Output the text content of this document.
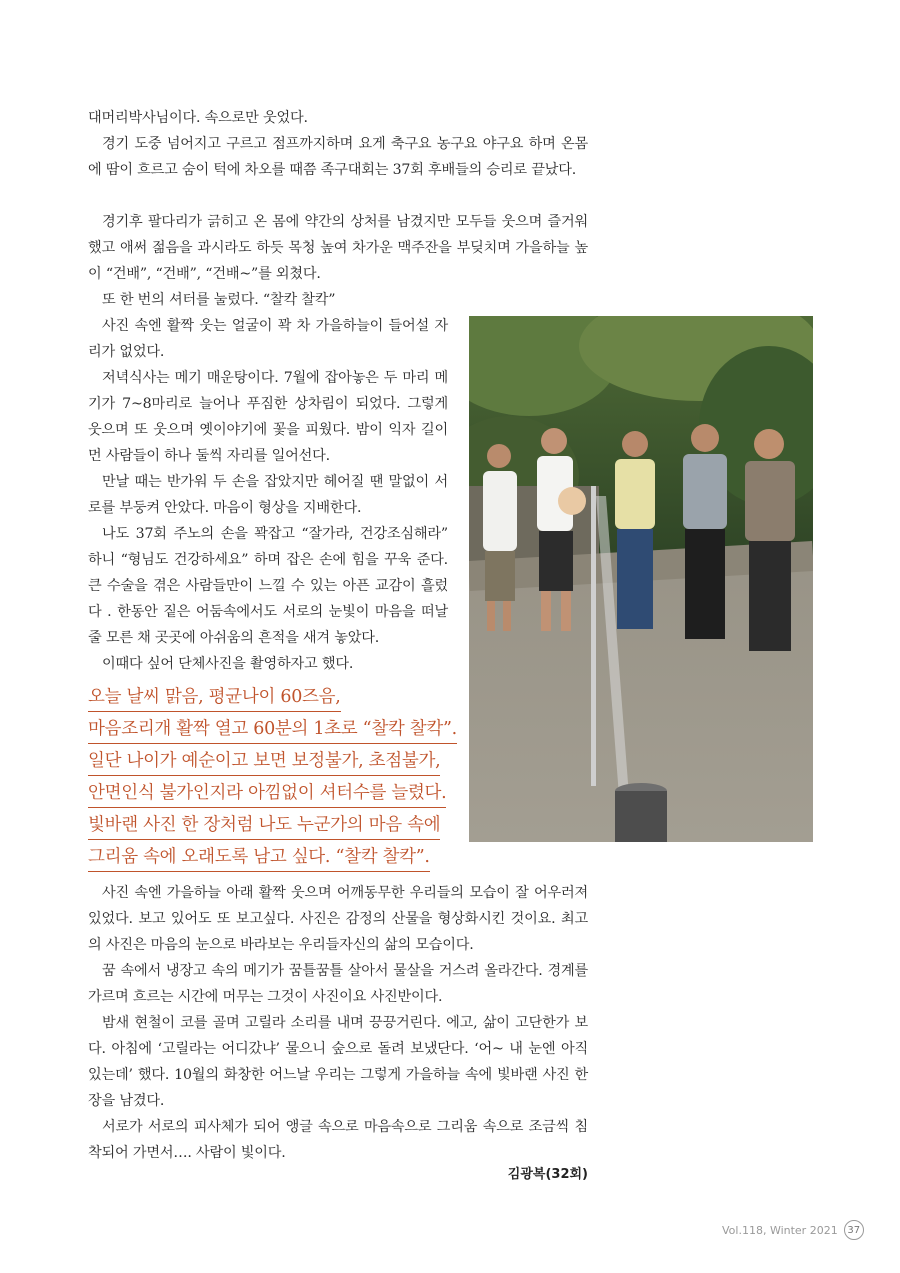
대머리박사님이다. 속으로만 웃었다.

경기 도중 넘어지고 구르고 점프까지하며 요게 축구요 농구요 야구요 하며 온몸에 땀이 흐르고 숨이 턱에 차오를 때쯤 족구대회는 37회 후배들의 승리로 끝났다.

경기후 팔다리가 긁히고 온 몸에 약간의 상처를 남겼지만 모두들 웃으며 즐거워했고 애써 젊음을 과시라도 하듯 목청 높여 차가운 맥주잔을 부딪치며 가을하늘 높이 “건배”, “건배”, “건배~”를 외쳤다.

또 한 번의 셔터를 눌렀다. “찰칵 찰칵”

사진 속엔 활짝 웃는 얼굴이 꽉 차 가을하늘이 들어설 자리가 없었다.

저녁식사는 메기 매운탕이다. 7월에 잡아놓은 두 마리 메기가 7~8마리로 늘어나 푸짐한 상차림이 되었다. 그렇게 웃으며 또 웃으며 옛이야기에 꽃을 피웠다. 밤이 익자 길이 먼 사람들이 하나 둘씩 자리를 일어선다.

만날 때는 반가워 두 손을 잡았지만 헤어질 땐 말없이 서로를 부둥켜 안았다. 마음이 형상을 지배한다.

나도 37회 주노의 손을 꽉잡고 “잘가라, 건강조심해라” 하니 “형님도 건강하세요” 하며 잡은 손에 힘을 꾸욱 준다. 큰 수술을 겪은 사람들만이 느낄 수 있는 아픈 교감이 흘렀다 . 한동안 짙은 어둠속에서도 서로의 눈빛이 마음을 떠날 줄 모른 채 곳곳에 아쉬움의 흔적을 새겨 놓았다.

이때다 싶어 단체사진을 촬영하자고 했다.

오늘 날씨 맑음, 평균나이 60즈음,
마음조리개 활짝 열고 60분의 1초로 “찰칵 찰칵”.
일단 나이가 예순이고 보면 보정불가, 초점불가,
안면인식 불가인지라 아낌없이 셔터수를 늘렸다.
빛바랜 사진 한 장처럼 나도 누군가의 마음 속에
그리움 속에 오래도록 남고 싶다. “찰칵 찰칵”.

사진 속엔 가을하늘 아래 활짝 웃으며 어깨동무한 우리들의 모습이 잘 어우러져 있었다. 보고 있어도 또 보고싶다. 사진은 감정의 산물을 형상화시킨 것이요. 최고의 사진은 마음의 눈으로 바라보는 우리들자신의 삶의 모습이다.

꿈 속에서 냉장고 속의 메기가 꿈틀꿈틀 살아서 물살을 거스려 올라간다. 경계를 가르며 흐르는 시간에 머무는 그것이 사진이요 사진반이다.

밤새 현철이 코를 골며 고릴라 소리를 내며 끙끙거린다. 에고, 삶이 고단한가 보다. 아침에 ‘고릴라는 어디갔냐’ 물으니 숲으로 돌려 보냈단다. ‘어~ 내 눈엔 아직 있는데’ 했다. 10월의 화창한 어느날 우리는 그렇게 가을하늘 속에 빛바랜 사진 한 장을 남겼다.

서로가 서로의 피사체가 되어 앵글 속으로 마음속으로 그리움 속으로 조금씩 침착되어 가면서…. 사람이 빛이다.

김광복(32회)
Vol.118, Winter 2021 37
